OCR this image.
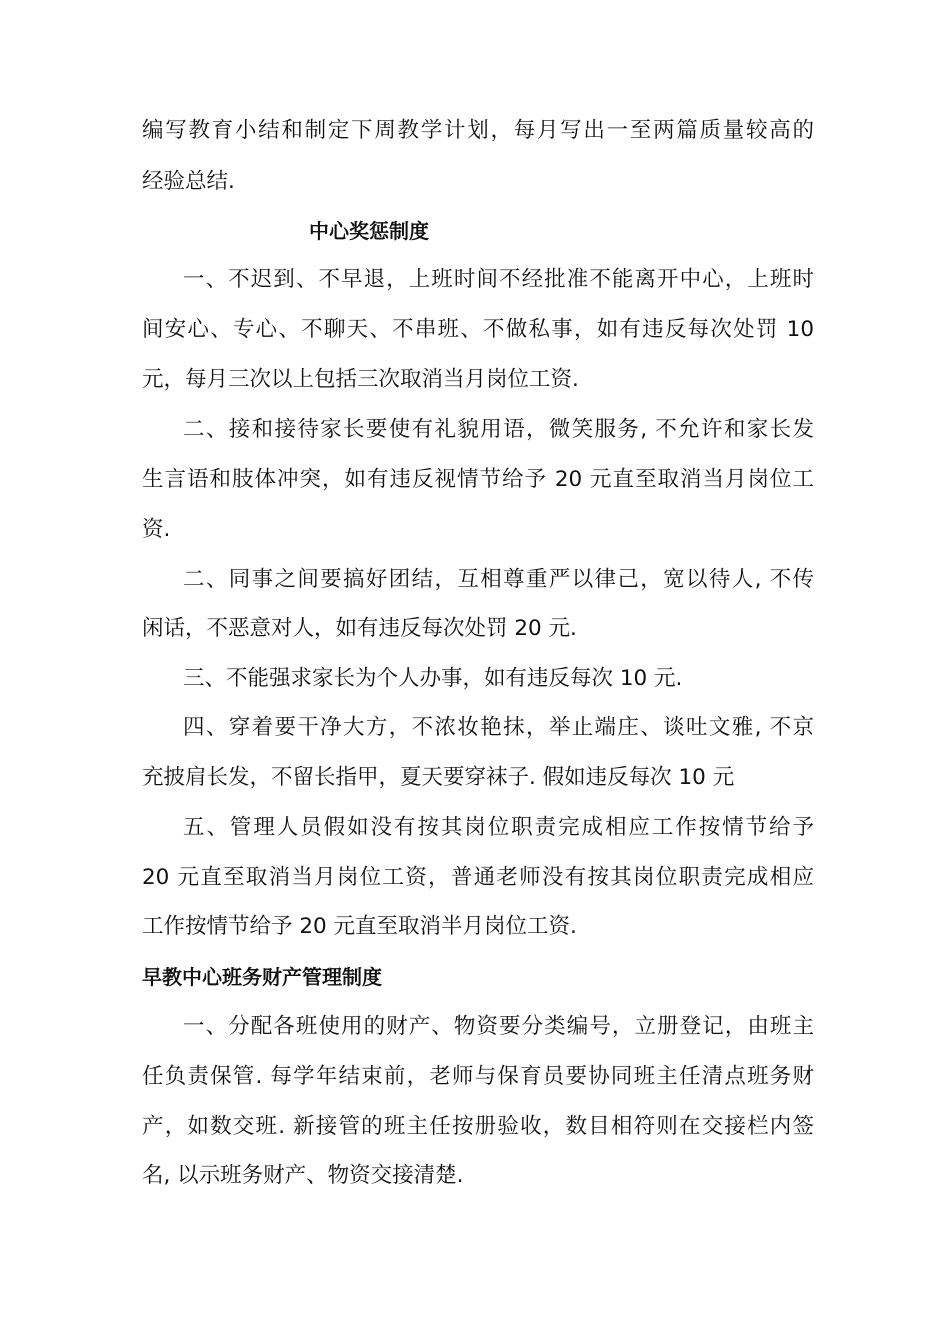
编写教育小结和制定下周教学计划，每月写出一至两篇质量较高的
经验总结.
中心奖惩制度
一、不迟到、不早退，上班时间不经批准不能离开中心，上班时
间安心、专心、不聊天、不串班、不做私事，如有违反每次处罚 10
元，每月三次以上包括三次取消当月岗位工资.
二、接和接待家长要使有礼貌用语，微笑服务, 不允许和家长发
生言语和肢体冲突，如有违反视情节给予 20 元直至取消当月岗位工
资.
二、同事之间要搞好团结，互相尊重严以律己，宽以待人, 不传
闲话，不恶意对人，如有违反每次处罚 20 元.
三、不能强求家长为个人办事，如有违反每次 10 元.
四、穿着要干净大方，不浓妆艳抹，举止端庄、谈吐文雅, 不京
充披肩长发，不留长指甲，夏天要穿袜子. 假如违反每次 10 元
五、管理人员假如没有按其岗位职责完成相应工作按情节给予
20 元直至取消当月岗位工资，普通老师没有按其岗位职责完成相应
工作按情节给予 20 元直至取消半月岗位工资.
早教中心班务财产管理制度
一、分配各班使用的财产、物资要分类编号，立册登记，由班主
任负责保管. 每学年结束前，老师与保育员要协同班主任清点班务财
产，如数交班. 新接管的班主任按册验收，数目相符则在交接栏内签
名, 以示班务财产、物资交接清楚.
